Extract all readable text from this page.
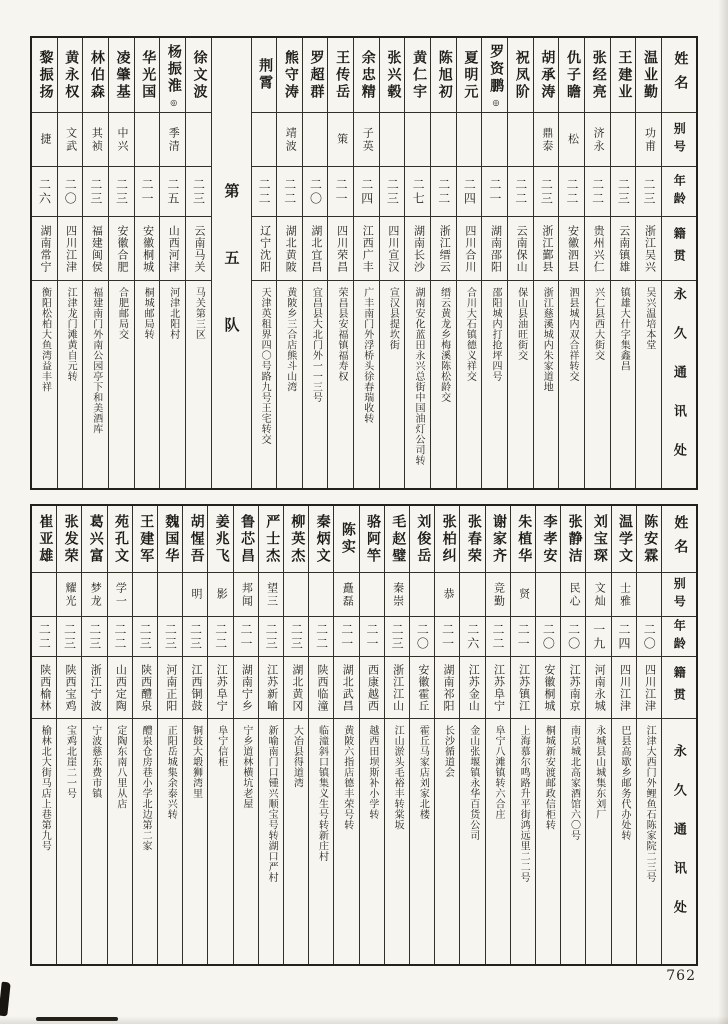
姓名
别号
年龄
籍贯
永久通讯处
温业勤
功甫
二三
浙江吴兴
吴兴温培本堂
王建业
二三
云南镇雄
镇雄大什字集鑫昌
张经亮
济永
二二
贵州兴仁
兴仁县西大街交
仇子瞻
松
二二
安徽泗县
泗县城内双合祥转交
胡承涛
鼎泰
二三
浙江鄞县
浙江慈溪城内朱家道地
祝凤阶
二二
云南保山
保山县油旺街交
罗资鹏
◎
二一
湖南邵阳
邵阳城内打抢坪四号
夏明元
二四
四川合川
合川大石镇德义祥交
陈旭初
二二
浙江缙云
缙云黄龙乡梅溪陈松龄交
黄仁宇
二七
湖南长沙
湖南安化蓝田永兴总街中国油灯公司转
张兴毂
二三
四川宣汉
宣汉县提坎街
余忠精
子英
二四
江西广丰
广丰南门外浮桥头徐春瑞收转
王传岳
策
二一
四川荣昌
荣昌县安福镇福寿权
罗超群
二〇
湖北宜昌
宜昌县大北门外一一三号
熊守涛
靖波
二二
湖北黄陂
黄陂乡三合店熊斗山湾
荆霄
二二
辽宁沈阳
天津英租界四〇号路九号王宅转交
第五队
徐文波
二三
云南马关
马关第三区
杨振淮
◎
季清
二五
山西河津
河津北阳村
华光国
二一
安徽桐城
桐城邮局转
凌肇基
中兴
二三
安徽合肥
合肥邮局交
林伯森
其祯
二三
福建闽侯
福建南门外南公园亭下和美酒库
黄永权
文武
二〇
四川江津
江津龙门滩黄自元转
黎振扬
捷
二六
湖南常宁
衡阳松柏大鱼湾益丰祥
姓名
别号
年龄
籍贯
永久通讯处
陈安霖
二〇
四川江津
江津大西门外鲤鱼石陈家院二三号
温学文
士雅
二四
四川江津
巴县高歇乡邮务代办处转
刘宝琛
文灿
一九
河南永城
永城县山城集东刘厂
张静洁
民心
二〇
江苏南京
南京城北高家酒馆六〇号
李孝安
二〇
安徽桐城
桐城新安渡邮政信柜转
朱植华
贤
二一
江苏镇江
上海慕尔鸣路升平街鸿远里二二号
谢家齐
竞勤
二二
江苏阜宁
阜宁八滩镇转六合庄
张春荣
二六
江苏金山
金山张堰镇永华百货公司
张柏纠
恭
二一
湖南祁阳
长沙循道会
刘俊岳
二〇
安徽霍丘
霍丘马家店刘家北楼
毛赵璧
秦崇
二三
浙江江山
江山淤头毛裕丰转棠坂
骆阿竿
二一
西康越西
越西田坝斯补小学转
陈实
矗磊
二一
湖北武昌
黄陂六指店德丰荣号转
秦炳文
二二
陕西临潼
临潼斜口镇集义生号转新庄村
柳英杰
二三
湖北黄冈
大冶县得道湾
严士杰
望三
二三
江苏新喻
新喻南门口锺兴顺宝号转湖口严村
鲁芯昌
邦闻
二一
湖南宁乡
宁乡道林横坑老屋
姜兆飞
影
二二
江苏阜宁
阜宁信柜
胡惺吾
明
二三
江西铜鼓
铜鼓大塅狮湾里
魏国华
二三
河南正阳
正阳岳城集余泰兴转
王建军
二三
陕西醴泉
醴泉仓房巷小学北边第二家
苑孔文
学一
二二
山西定陶
定陶东南八里从店
葛兴富
梦龙
二三
浙江宁波
宁波慈东费市镇
张发荣
耀光
二三
陕西宝鸡
宝鸡北崖二一号
崔亚雄
二二
陕西榆林
榆林北大街马店上巷第九号
762
